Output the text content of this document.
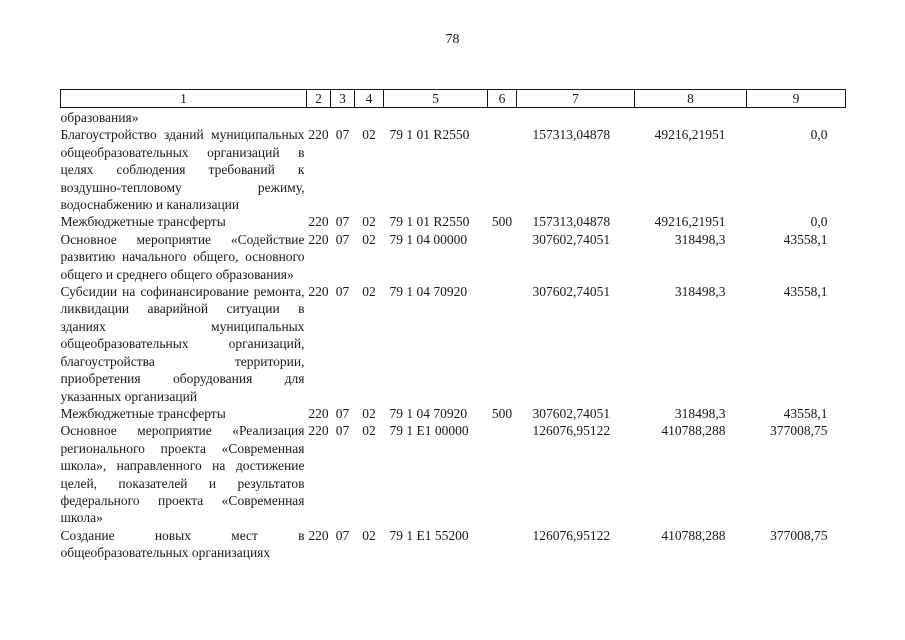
78
1	2	3	4	5	6	7	8	9
образования»								
Благоустройство зданий муниципальных общеобразовательных организаций в целях соблюдения требований к воздушно-тепловому режиму, водоснабжению и канализации	220	07	02	79 1 01 R2550		157313,04878	49216,21951	0,0
Межбюджетные трансферты	220	07	02	79 1 01 R2550	500	157313,04878	49216,21951	0,0
Основное мероприятие «Содействие развитию начального общего, основного общего и среднего общего образования»	220	07	02	79 1 04 00000		307602,74051	318498,3	43558,1
Субсидии на софинансирование ремонта, ликвидации аварийной ситуации в зданиях муниципальных общеобразовательных организаций, благоустройства территории, приобретения оборудования для указанных организаций	220	07	02	79 1 04 70920		307602,74051	318498,3	43558,1
Межбюджетные трансферты	220	07	02	79 1 04 70920	500	307602,74051	318498,3	43558,1
Основное мероприятие «Реализация регионального проекта «Современная школа», направленного на достижение целей, показателей и результатов федерального проекта «Современная школа»	220	07	02	79 1 E1 00000		126076,95122	410788,288	377008,75
Создание новых мест в общеобразовательных организациях	220	07	02	79 1 E1 55200		126076,95122	410788,288	377008,75
